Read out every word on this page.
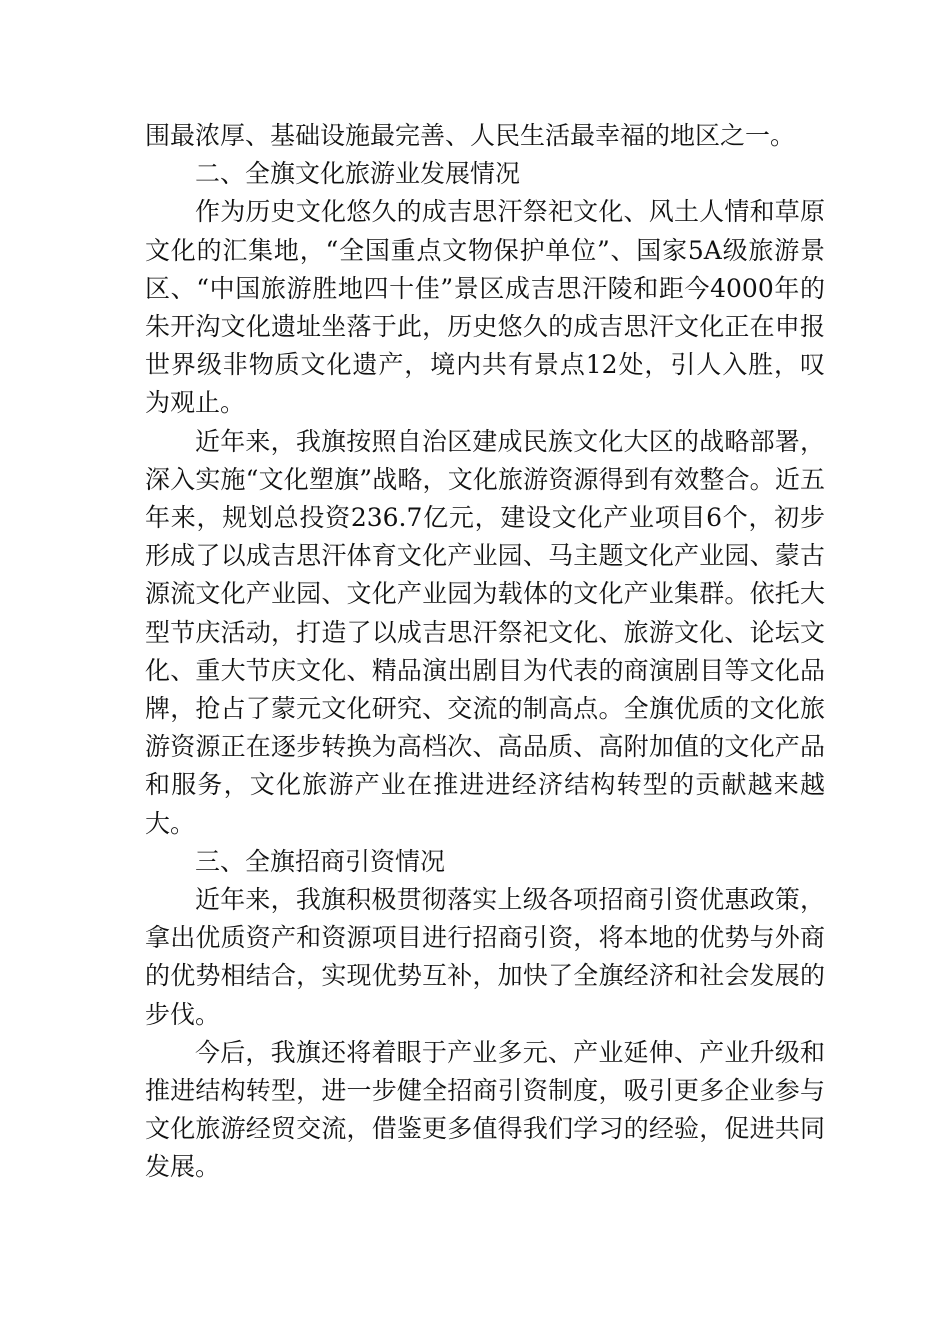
围最浓厚、基础设施最完善、人民生活最幸福的地区之一。

二、全旗文化旅游业发展情况

作为历史文化悠久的成吉思汗祭祀文化、风土人情和草原文化的汇集地，“全国重点文物保护单位”、国家5A级旅游景区、“中国旅游胜地四十佳”景区成吉思汗陵和距今4000年的朱开沟文化遗址坐落于此，历史悠久的成吉思汗文化正在申报世界级非物质文化遗产，境内共有景点12处，引人入胜，叹为观止。

近年来，我旗按照自治区建成民族文化大区的战略部署，深入实施“文化塑旗”战略，文化旅游资源得到有效整合。近五年来，规划总投资236.7亿元，建设文化产业项目6个，初步形成了以成吉思汗体育文化产业园、马主题文化产业园、蒙古源流文化产业园、文化产业园为载体的文化产业集群。依托大型节庆活动，打造了以成吉思汗祭祀文化、旅游文化、论坛文化、重大节庆文化、精品演出剧目为代表的商演剧目等文化品牌，抢占了蒙元文化研究、交流的制高点。全旗优质的文化旅游资源正在逐步转换为高档次、高品质、高附加值的文化产品和服务，文化旅游产业在推进进经济结构转型的贡献越来越大。

三、全旗招商引资情况

近年来，我旗积极贯彻落实上级各项招商引资优惠政策，拿出优质资产和资源项目进行招商引资，将本地的优势与外商的优势相结合，实现优势互补，加快了全旗经济和社会发展的步伐。

今后，我旗还将着眼于产业多元、产业延伸、产业升级和推进结构转型，进一步健全招商引资制度，吸引更多企业参与文化旅游经贸交流，借鉴更多值得我们学习的经验，促进共同发展。
